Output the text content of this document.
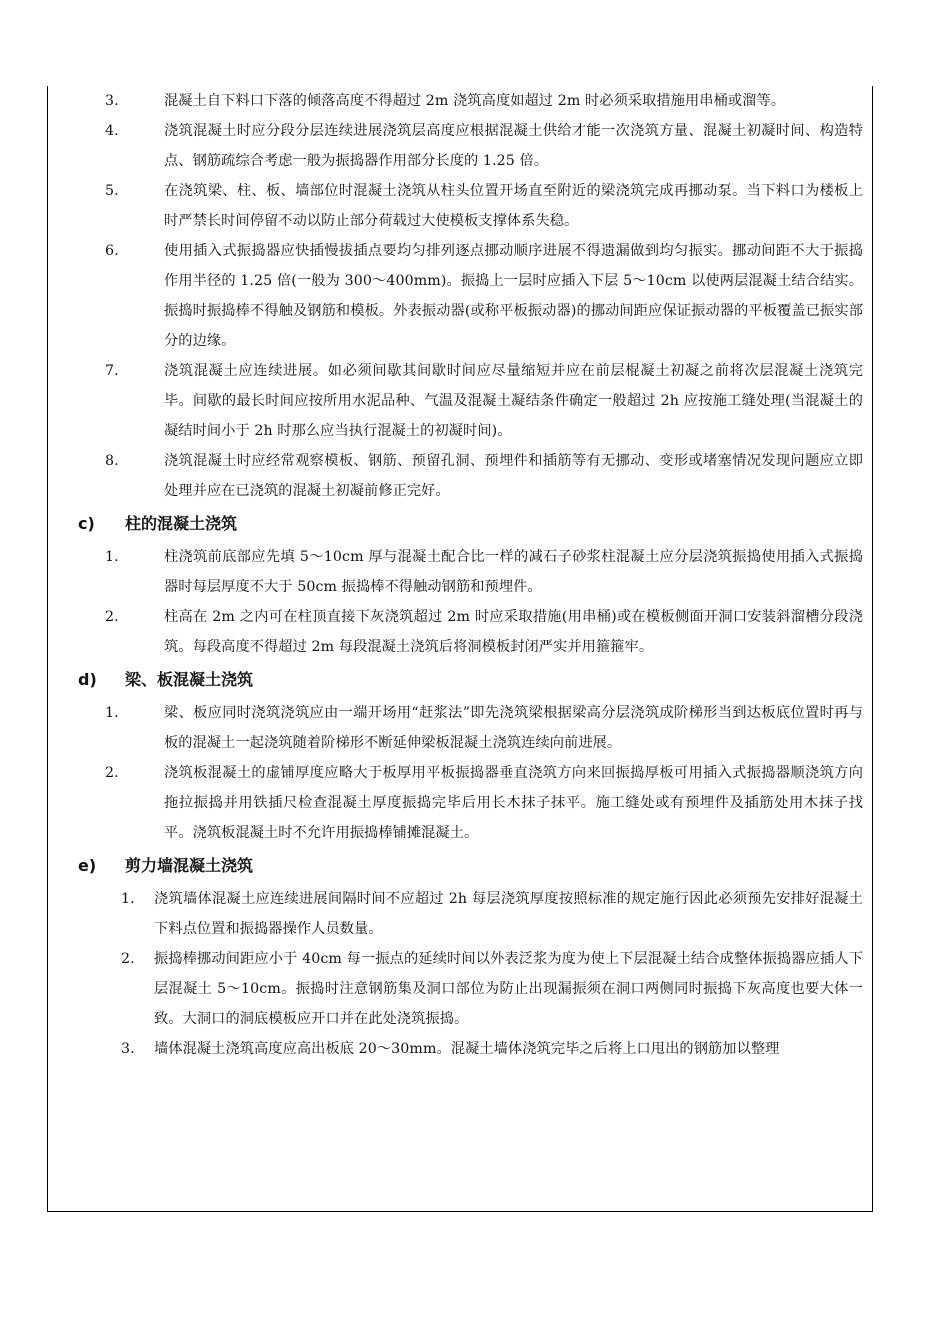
3.	混凝土自下料口下落的倾落高度不得超过 2m 浇筑高度如超过 2m 时必须采取措施用串桶或溜等。
4.	浇筑混凝土时应分段分层连续进展浇筑层高度应根据混凝土供给才能一次浇筑方量、混凝土初凝时间、构造特点、钢筋疏综合考虑一般为振捣器作用部分长度的 1.25 倍。
5.	在浇筑梁、柱、板、墙部位时混凝土浇筑从柱头位置开场直至附近的梁浇筑完成再挪动泵。当下料口为楼板上时严禁长时间停留不动以防止部分荷载过大使模板支撑体系失稳。
6.	使用插入式振捣器应快插慢拔插点要均匀排列逐点挪动顺序进展不得遗漏做到均匀振实。挪动间距不大于振捣作用半径的 1.25 倍(一般为 300～400mm)。振捣上一层时应插入下层 5～10cm 以使两层混凝土结合结实。振捣时振捣棒不得触及钢筋和模板。外表振动器(或称平板振动器)的挪动间距应保证振动器的平板覆盖已振实部分的边缘。
7.	浇筑混凝土应连续进展。如必须间歇其间歇时间应尽量缩短并应在前层棍凝土初凝之前将次层混凝土浇筑完毕。间歇的最长时间应按所用水泥品种、气温及混凝土凝结条件确定一般超过 2h 应按施工缝处理(当混凝土的凝结时间小于 2h 时那么应当执行混凝土的初凝时间)。
8.	浇筑混凝土时应经常观察模板、钢筋、预留孔洞、预埋件和插筋等有无挪动、变形或堵塞情况发现问题应立即处理并应在已浇筑的混凝土初凝前修正完好。
c) 柱的混凝土浇筑
1.	柱浇筑前底部应先填 5～10cm 厚与混凝土配合比一样的减石子砂浆柱混凝土应分层浇筑振捣使用插入式振捣器时每层厚度不大于 50cm 振捣棒不得触动钢筋和预埋件。
2.	柱高在 2m 之内可在柱顶直接下灰浇筑超过 2m 时应采取措施(用串桶)或在模板侧面开洞口安装斜溜槽分段浇筑。每段高度不得超过 2m 每段混凝土浇筑后将洞模板封闭严实并用箍箍牢。
d) 梁、板混凝土浇筑
1.	梁、板应同时浇筑浇筑应由一端开场用“赶浆法”即先浇筑梁根据梁高分层浇筑成阶梯形当到达板底位置时再与板的混凝土一起浇筑随着阶梯形不断延伸梁板混凝土浇筑连续向前进展。
2.	浇筑板混凝土的虚铺厚度应略大于板厚用平板振捣器垂直浇筑方向来回振捣厚板可用插入式振捣器顺浇筑方向拖拉振捣并用铁插尺检查混凝土厚度振捣完毕后用长木抹子抹平。施工缝处或有预埋件及插筋处用木抹子找平。浇筑板混凝土时不允许用振捣棒铺摊混凝土。
e) 剪力墙混凝土浇筑
1.	浇筑墙体混凝土应连续进展间隔时间不应超过 2h 每层浇筑厚度按照标准的规定施行因此必须预先安排好混凝土下料点位置和振捣器操作人员数量。
2.	振捣棒挪动间距应小于 40cm 每一振点的延续时间以外表泛浆为度为使上下层混凝土结合成整体振捣器应插人下层混凝土 5～10cm。振捣时注意钢筋集及洞口部位为防止出现漏振须在洞口两侧同时振捣下灰高度也要大体一致。大洞口的洞底模板应开口并在此处浇筑振捣。
3.	墙体混凝土浇筑高度应高出板底 20～30mm。混凝土墙体浇筑完毕之后将上口甩出的钢筋加以整理
